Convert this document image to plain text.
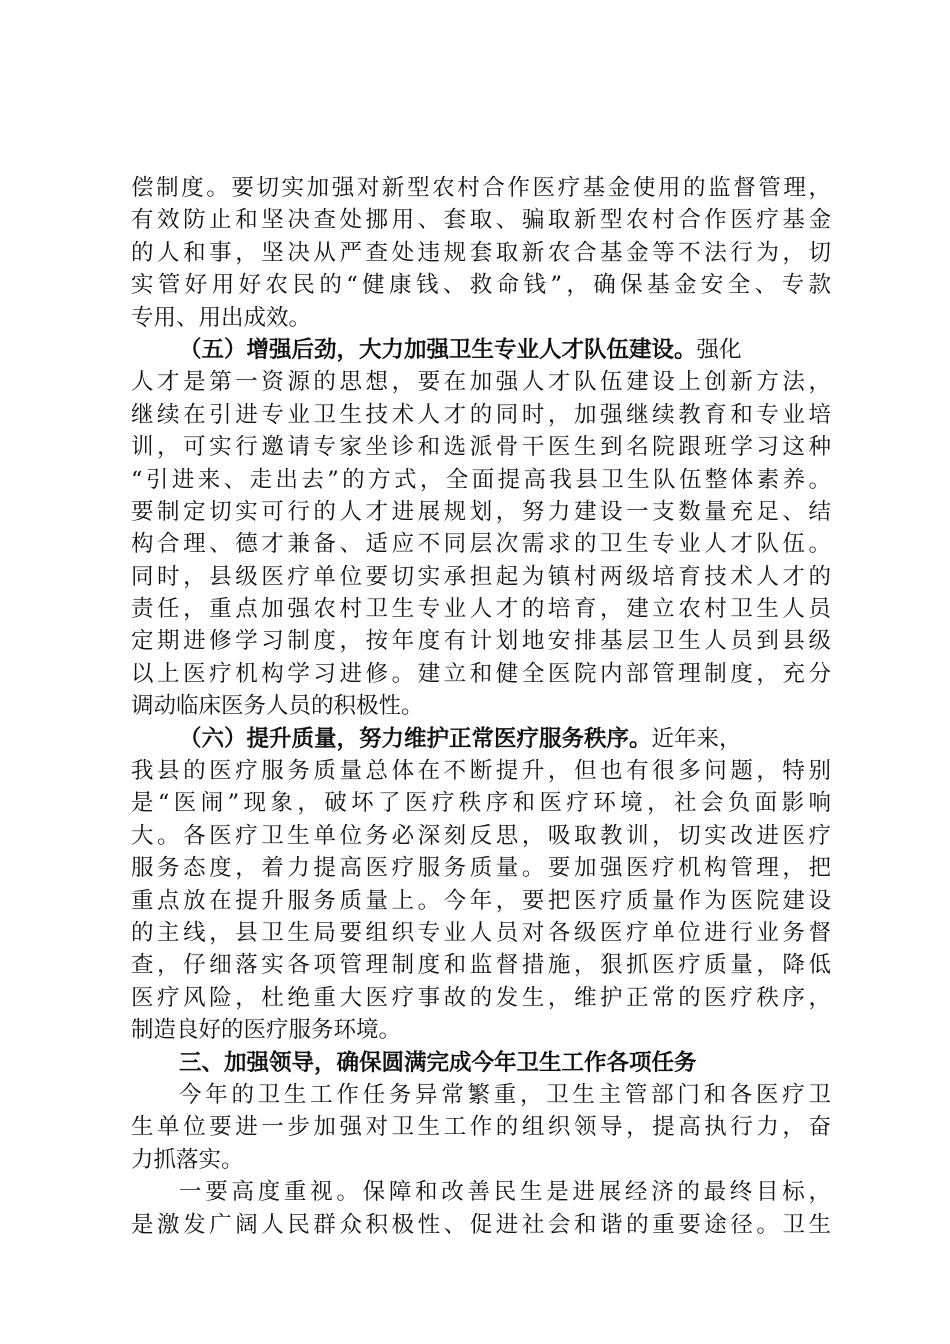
偿制度。要切实加强对新型农村合作医疗基金使用的监督管理，
有效防止和坚决查处挪用、套取、骗取新型农村合作医疗基金
的人和事，坚决从严查处违规套取新农合基金等不法行为，切
实管好用好农民的“健康钱、救命钱”，确保基金安全、专款
专用、用出成效。
（五）增强后劲，大力加强卫生专业人才队伍建设。强化
人才是第一资源的思想，要在加强人才队伍建设上创新方法，
继续在引进专业卫生技术人才的同时，加强继续教育和专业培
训，可实行邀请专家坐诊和选派骨干医生到名院跟班学习这种
“引进来、走出去”的方式，全面提高我县卫生队伍整体素养。
要制定切实可行的人才进展规划，努力建设一支数量充足、结
构合理、德才兼备、适应不同层次需求的卫生专业人才队伍。
同时，县级医疗单位要切实承担起为镇村两级培育技术人才的
责任，重点加强农村卫生专业人才的培育，建立农村卫生人员
定期进修学习制度，按年度有计划地安排基层卫生人员到县级
以上医疗机构学习进修。建立和健全医院内部管理制度，充分
调动临床医务人员的积极性。
（六）提升质量，努力维护正常医疗服务秩序。近年来，
我县的医疗服务质量总体在不断提升，但也有很多问题，特别
是“医闹”现象，破坏了医疗秩序和医疗环境，社会负面影响
大。各医疗卫生单位务必深刻反思，吸取教训，切实改进医疗
服务态度，着力提高医疗服务质量。要加强医疗机构管理，把
重点放在提升服务质量上。今年，要把医疗质量作为医院建设
的主线，县卫生局要组织专业人员对各级医疗单位进行业务督
查，仔细落实各项管理制度和监督措施，狠抓医疗质量，降低
医疗风险，杜绝重大医疗事故的发生，维护正常的医疗秩序，
制造良好的医疗服务环境。
三、加强领导，确保圆满完成今年卫生工作各项任务
今年的卫生工作任务异常繁重，卫生主管部门和各医疗卫
生单位要进一步加强对卫生工作的组织领导，提高执行力，奋
力抓落实。
一要高度重视。保障和改善民生是进展经济的最终目标，
是激发广阔人民群众积极性、促进社会和谐的重要途径。卫生
